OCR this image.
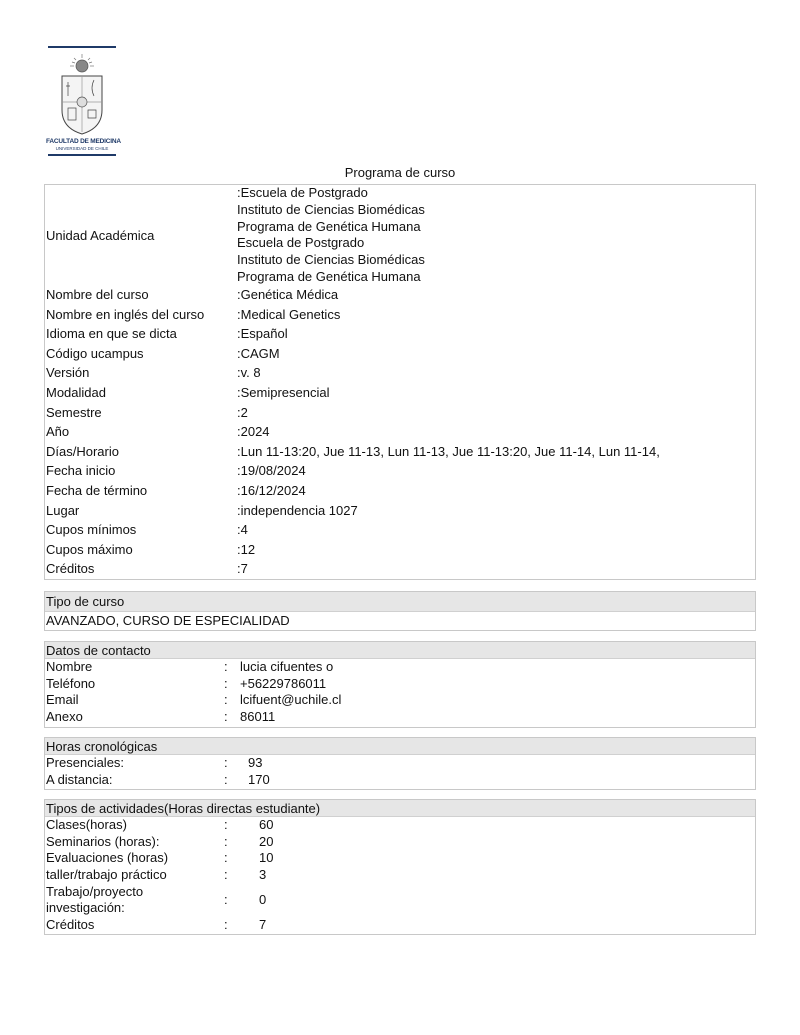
FACULTAD DE MEDICINA
UNIVERSIDAD DE CHILE
Programa de curso
Unidad Académica
:Escuela de Postgrado
Instituto de Ciencias Biomédicas
Programa de Genética Humana
Escuela de Postgrado
Instituto de Ciencias Biomédicas
Programa de Genética Humana
Nombre del curso	:Genética Médica
Nombre en inglés del curso	:Medical Genetics
Idioma en que se dicta	:Español
Código ucampus	:CAGM
Versión	:v. 8
Modalidad	:Semipresencial
Semestre	:2
Año	:2024
Días/Horario	:Lun 11-13:20, Jue 11-13, Lun 11-13, Jue 11-13:20, Jue 11-14, Lun 11-14,
Fecha inicio	:19/08/2024
Fecha de término	:16/12/2024
Lugar	:independencia 1027
Cupos mínimos	:4
Cupos máximo	:12
Créditos	:7
Tipo de curso
AVANZADO, CURSO DE ESPECIALIDAD
Datos de contacto
Nombre	: lucia cifuentes o
Teléfono	: +56229786011
Email	: lcifuent@uchile.cl
Anexo	: 86011
Horas cronológicas
Presenciales:	: 93
A distancia:	: 170
Tipos de actividades(Horas directas estudiante)
Clases(horas)	: 60
Seminarios (horas):	: 20
Evaluaciones (horas)	: 10
taller/trabajo práctico	: 3
Trabajo/proyecto
investigación:
: 0
Créditos	: 7
